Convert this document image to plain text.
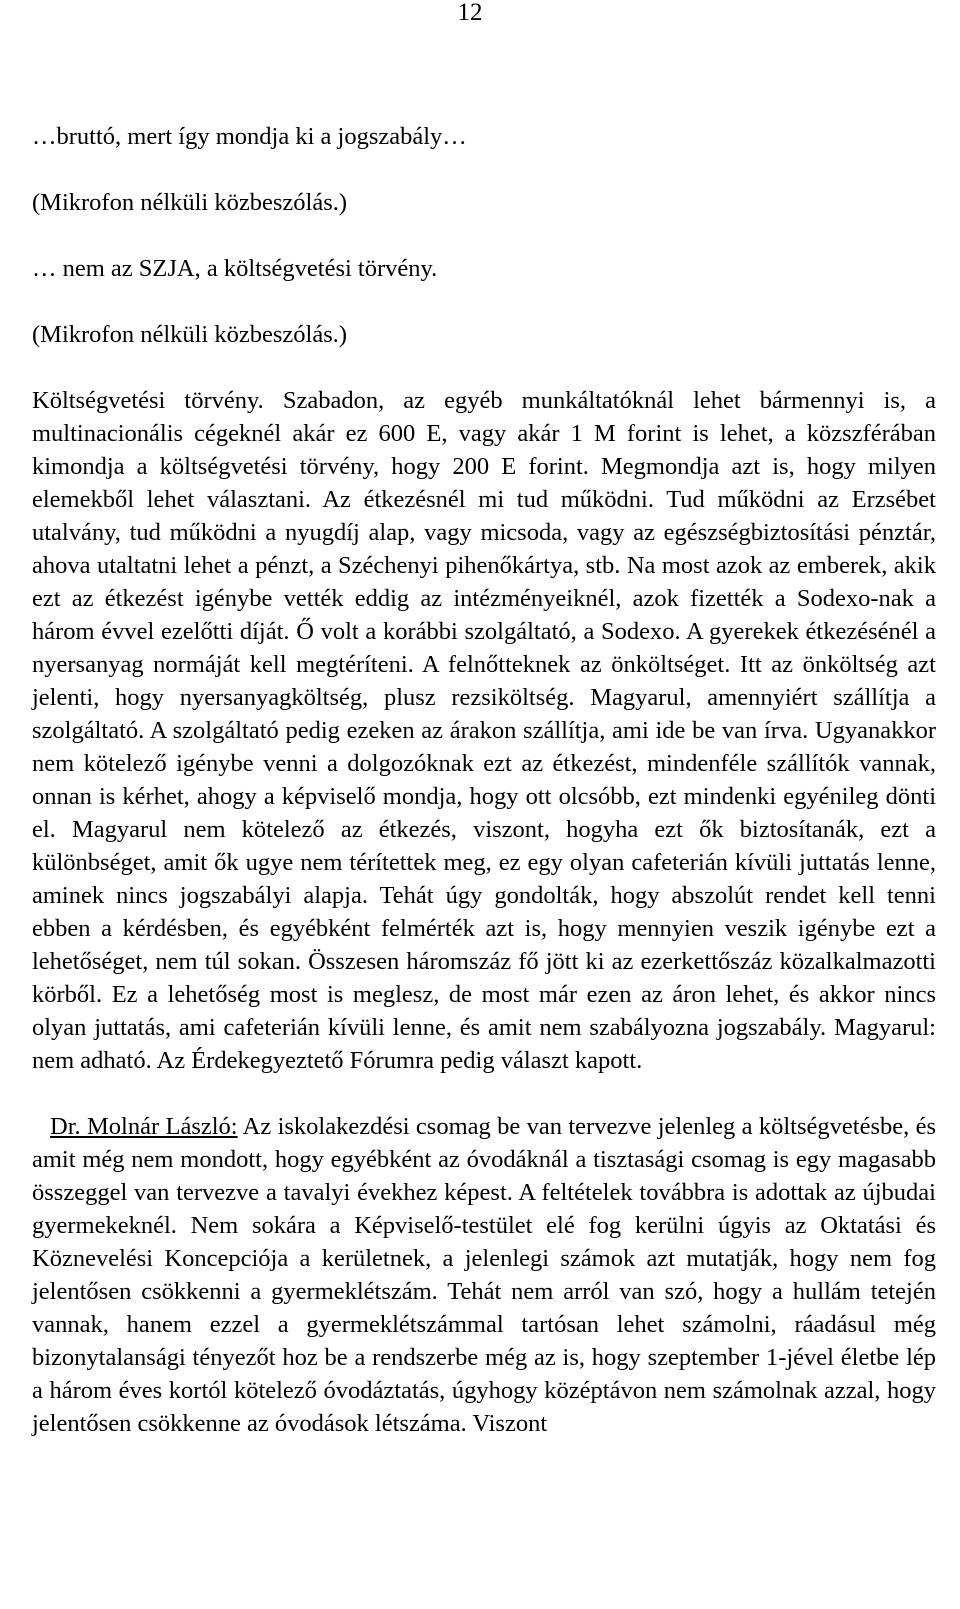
12

…bruttó, mert így mondja ki a jogszabály…

(Mikrofon nélküli közbeszólás.)

… nem az SZJA, a költségvetési törvény.

(Mikrofon nélküli közbeszólás.)

Költségvetési törvény. Szabadon, az egyéb munkáltatóknál lehet bármennyi is, a multinacionális cégeknél akár ez 600 E, vagy akár 1 M forint is lehet, a közszférában kimondja a költségvetési törvény, hogy 200 E forint. Megmondja azt is, hogy milyen elemekből lehet választani. Az étkezésnél mi tud működni. Tud működni az Erzsébet utalvány, tud működni a nyugdíj alap, vagy micsoda, vagy az egészségbiztosítási pénztár, ahova utaltatni lehet a pénzt, a Széchenyi pihenőkártya, stb. Na most azok az emberek, akik ezt az étkezést igénybe vették eddig az intézményeiknél, azok fizették a Sodexo-nak a három évvel ezelőtti díját. Ő volt a korábbi szolgáltató, a Sodexo. A gyerekek étkezésénél a nyersanyag normáját kell megtéríteni. A felnőtteknek az önköltséget. Itt az önköltség azt jelenti, hogy nyersanyagköltség, plusz rezsiköltség. Magyarul, amennyiért szállítja a szolgáltató. A szolgáltató pedig ezeken az árakon szállítja, ami ide be van írva. Ugyanakkor nem kötelező igénybe venni a dolgozóknak ezt az étkezést, mindenféle szállítók vannak, onnan is kérhet, ahogy a képviselő mondja, hogy ott olcsóbb, ezt mindenki egyénileg dönti el. Magyarul nem kötelező az étkezés, viszont, hogyha ezt ők biztosítanák, ezt a különbséget, amit ők ugye nem térítettek meg, ez egy olyan cafeterián kívüli juttatás lenne, aminek nincs jogszabályi alapja. Tehát úgy gondolták, hogy abszolút rendet kell tenni ebben a kérdésben, és egyébként felmérték azt is, hogy mennyien veszik igénybe ezt a lehetőséget, nem túl sokan. Összesen háromszáz fő jött ki az ezerkettőszáz közalkalmazotti körből. Ez a lehetőség most is meglesz, de most már ezen az áron lehet, és akkor nincs olyan juttatás, ami cafeterián kívüli lenne, és amit nem szabályozna jogszabály. Magyarul: nem adható. Az Érdekegyeztető Fórumra pedig választ kapott.

Dr. Molnár László: Az iskolakezdési csomag be van tervezve jelenleg a költségvetésbe, és amit még nem mondott, hogy egyébként az óvodáknál a tisztasági csomag is egy magasabb összeggel van tervezve a tavalyi évekhez képest. A feltételek továbbra is adottak az újbudai gyermekeknél. Nem sokára a Képviselő-testület elé fog kerülni úgyis az Oktatási és Köznevelési Koncepciója a kerületnek, a jelenlegi számok azt mutatják, hogy nem fog jelentősen csökkenni a gyermeklétszám. Tehát nem arról van szó, hogy a hullám tetején vannak, hanem ezzel a gyermeklétszámmal tartósan lehet számolni, ráadásul még bizonytalansági tényezőt hoz be a rendszerbe még az is, hogy szeptember 1-jével életbe lép a három éves kortól kötelező óvodáztatás, úgyhogy középtávon nem számolnak azzal, hogy jelentősen csökkenne az óvodások létszáma. Viszont
